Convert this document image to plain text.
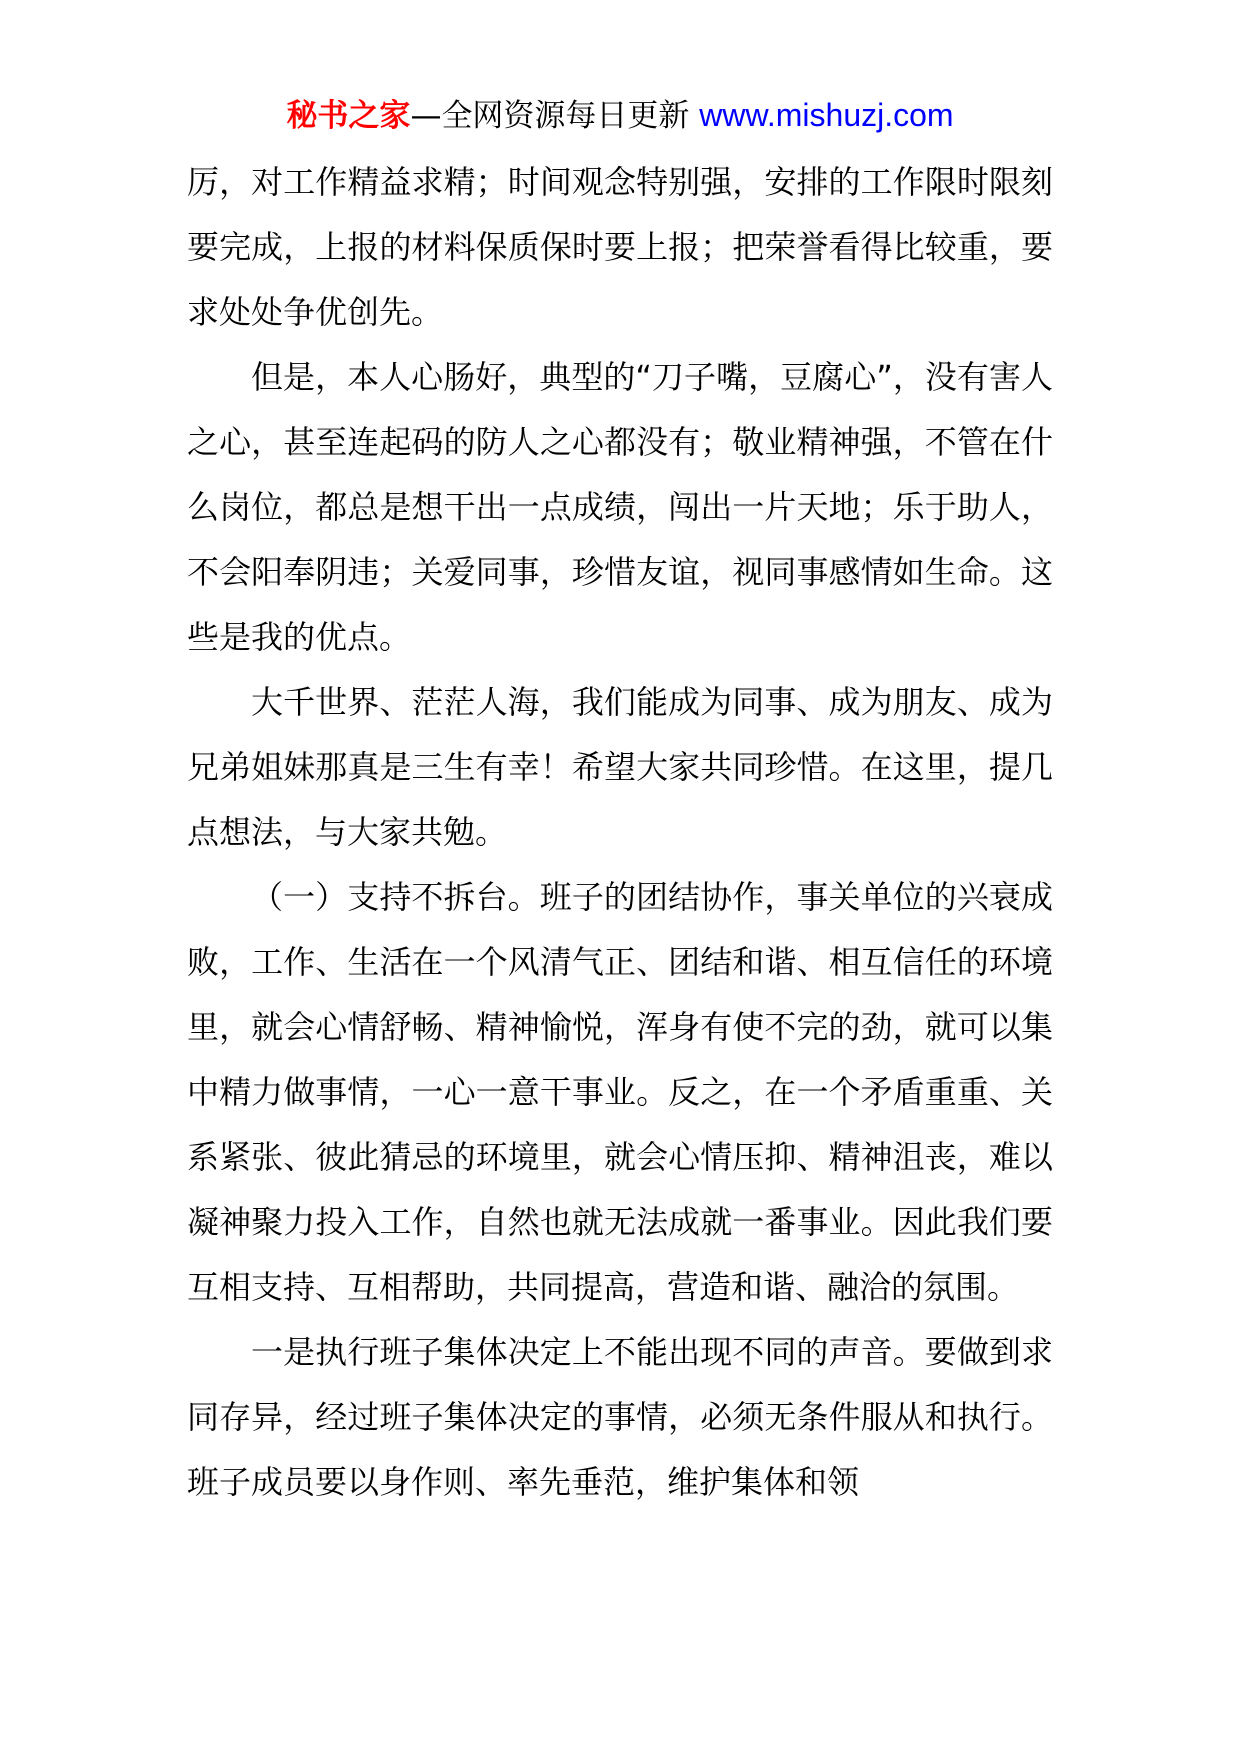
秘书之家—全网资源每日更新 www.mishuzj.com

厉，对工作精益求精；时间观念特别强，安排的工作限时限刻要完成，上报的材料保质保时要上报；把荣誉看得比较重，要求处处争优创先。

但是，本人心肠好，典型的“刀子嘴，豆腐心”，没有害人之心，甚至连起码的防人之心都没有；敬业精神强，不管在什么岗位，都总是想干出一点成绩，闯出一片天地；乐于助人，不会阳奉阴违；关爱同事，珍惜友谊，视同事感情如生命。这些是我的优点。

大千世界、茫茫人海，我们能成为同事、成为朋友、成为兄弟姐妹那真是三生有幸！希望大家共同珍惜。在这里，提几点想法，与大家共勉。

（一）支持不拆台。班子的团结协作，事关单位的兴衰成败，工作、生活在一个风清气正、团结和谐、相互信任的环境里，就会心情舒畅、精神愉悦，浑身有使不完的劲，就可以集中精力做事情，一心一意干事业。反之，在一个矛盾重重、关系紧张、彼此猜忌的环境里，就会心情压抑、精神沮丧，难以凝神聚力投入工作，自然也就无法成就一番事业。因此我们要互相支持、互相帮助，共同提高，营造和谐、融洽的氛围。

一是执行班子集体决定上不能出现不同的声音。要做到求同存异，经过班子集体决定的事情，必须无条件服从和执行。班子成员要以身作则、率先垂范，维护集体和领
